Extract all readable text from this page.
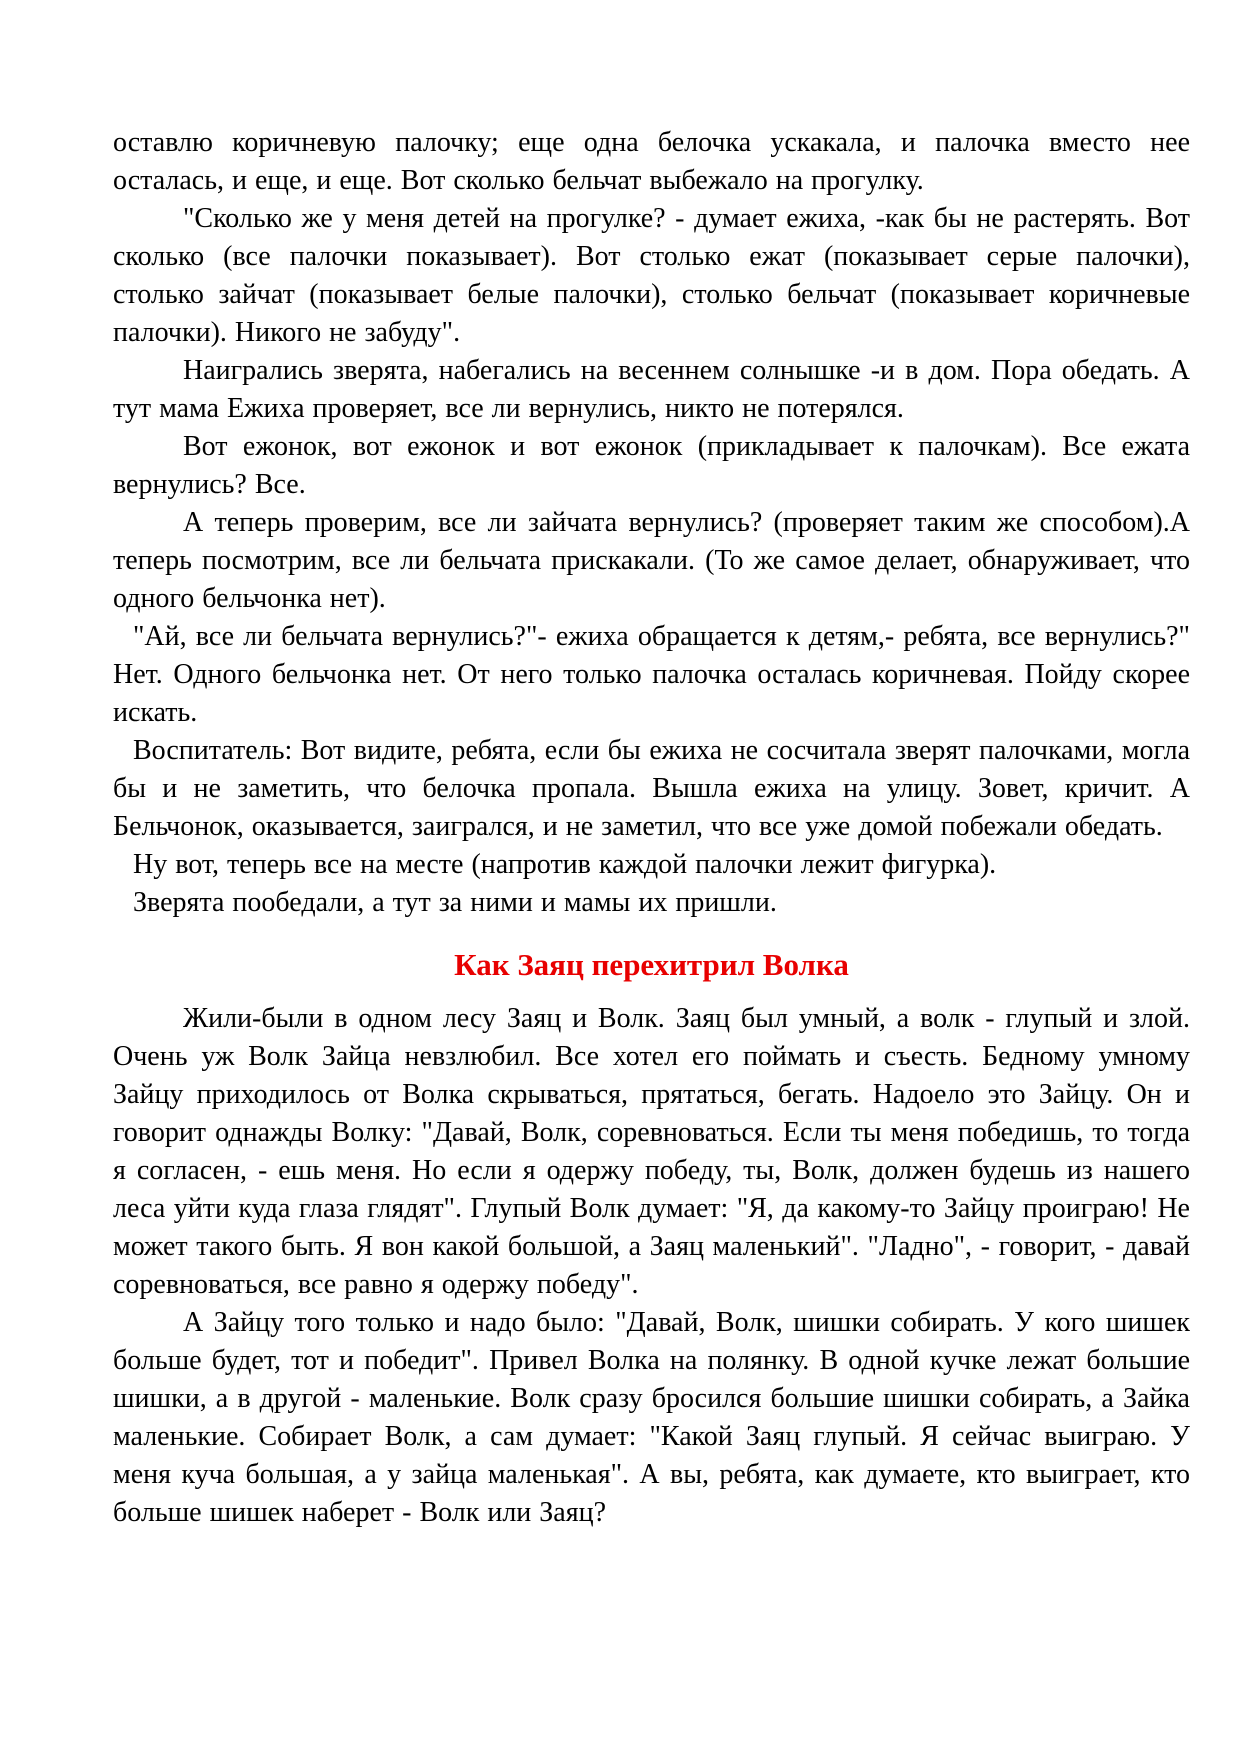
оставлю коричневую палочку; еще одна белочка ускакала, и палочка вместо нее осталась, и еще, и еще. Вот сколько бельчат выбежало на прогулку.

"Сколько же у меня детей на прогулке? - думает ежиха, -как бы не растерять. Вот сколько (все палочки показывает). Вот столько ежат (показывает серые палочки), столько зайчат (показывает белые палочки), столько бельчат (показывает коричневые палочки). Никого не забуду".

Наигрались зверята, набегались на весеннем солнышке -и в дом. Пора обедать. А тут мама Ежиха проверяет, все ли вернулись, никто не потерялся.

Вот ежонок, вот ежонок и вот ежонок (прикладывает к палочкам). Все ежата вернулись? Все.

А теперь проверим, все ли зайчата вернулись? (проверяет таким же способом).А теперь посмотрим, все ли бельчата прискакали. (То же самое делает, обнаруживает, что одного бельчонка нет).

"Ай, все ли бельчата вернулись?"- ежиха обращается к детям,- ребята, все вернулись?" Нет. Одного бельчонка нет. От него только палочка осталась коричневая. Пойду скорее искать.

Воспитатель: Вот видите, ребята, если бы ежиха не сосчитала зверят палочками, могла бы и не заметить, что белочка пропала. Вышла ежиха на улицу. Зовет, кричит. А Бельчонок, оказывается, заигрался, и не заметил, что все уже домой побежали обедать.

Ну вот, теперь все на месте (напротив каждой палочки лежит фигурка).

Зверята пообедали, а тут за ними и мамы их пришли.

Как Заяц перехитрил Волка

Жили-были в одном лесу Заяц и Волк. Заяц был умный, а волк - глупый и злой. Очень уж Волк Зайца невзлюбил. Все хотел его поймать и съесть. Бедному умному Зайцу приходилось от Волка скрываться, прятаться, бегать. Надоело это Зайцу. Он и говорит однажды Волку: "Давай, Волк, соревноваться. Если ты меня победишь, то тогда я согласен, - ешь меня. Но если я одержу победу, ты, Волк, должен будешь из нашего леса уйти куда глаза глядят". Глупый Волк думает: "Я, да какому-то Зайцу проиграю! Не может такого быть. Я вон какой большой, а Заяц маленький". "Ладно", - говорит, - давай соревноваться, все равно я одержу победу".

А Зайцу того только и надо было: "Давай, Волк, шишки собирать. У кого шишек больше будет, тот и победит". Привел Волка на полянку. В одной кучке лежат большие шишки, а в другой - маленькие. Волк сразу бросился большие шишки собирать, а Зайка маленькие. Собирает Волк, а сам думает: "Какой Заяц глупый. Я сейчас выиграю. У меня куча большая, а у зайца маленькая". А вы, ребята, как думаете, кто выиграет, кто больше шишек наберет - Волк или Заяц?
